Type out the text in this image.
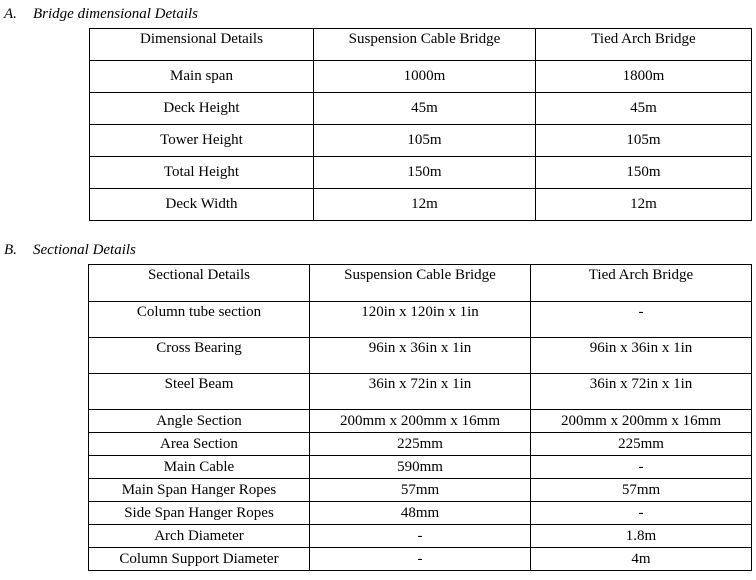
A. Bridge dimensional Details
Dimensional Details	Suspension Cable Bridge	Tied Arch Bridge
Main span	1000m	1800m
Deck Height	45m	45m
Tower Height	105m	105m
Total Height	150m	150m
Deck Width	12m	12m
B. Sectional Details
Sectional Details	Suspension Cable Bridge	Tied Arch Bridge
Column tube section	120in x 120in x 1in	-
Cross Bearing	96in x 36in x 1in	96in x 36in x 1in
Steel Beam	36in x 72in x 1in	36in x 72in x 1in
Angle Section	200mm x 200mm x 16mm	200mm x 200mm x 16mm
Area Section	225mm	225mm
Main Cable	590mm	-
Main Span Hanger Ropes	57mm	57mm
Side Span Hanger Ropes	48mm	-
Arch Diameter	-	1.8m
Column Support Diameter	-	4m
